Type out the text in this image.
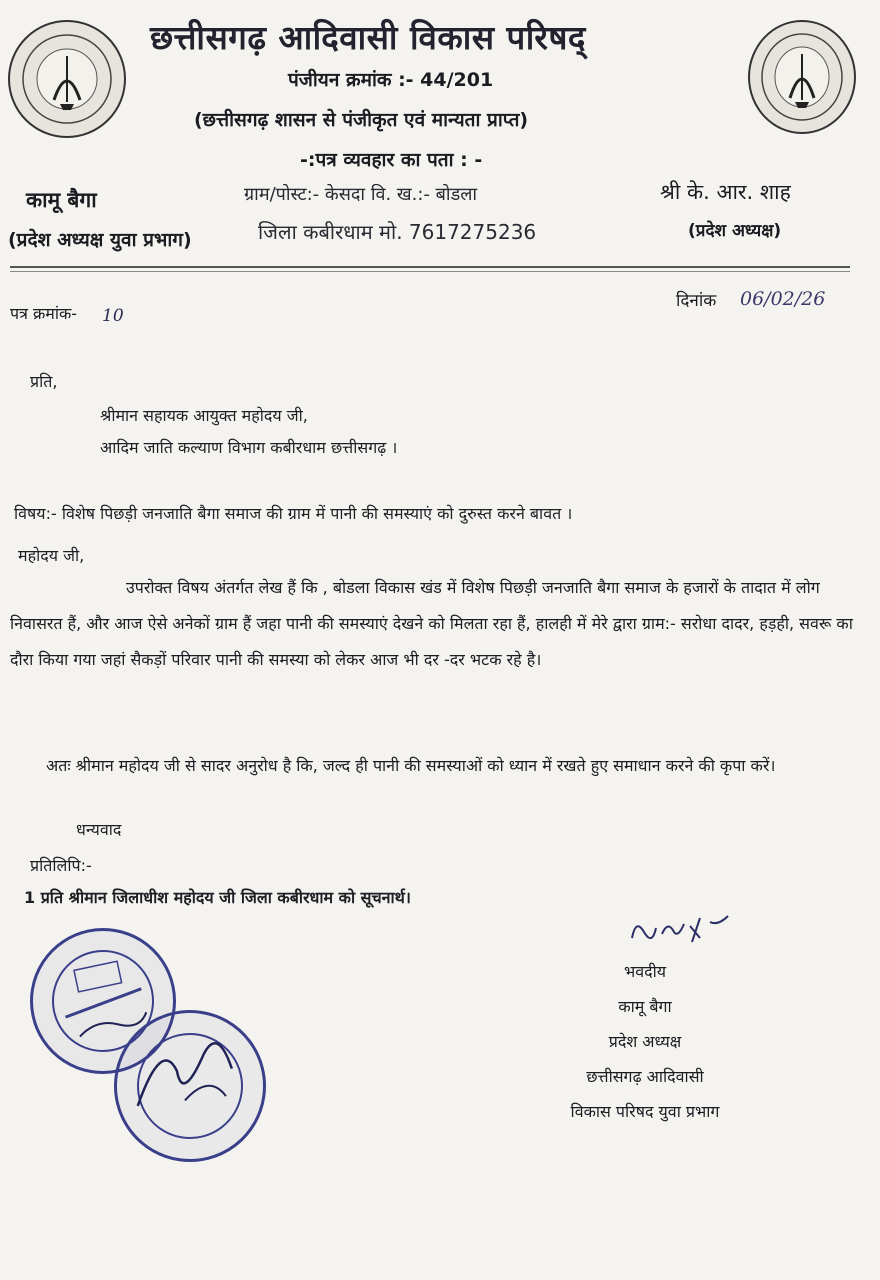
छत्तीसगढ़ आदिवासी विकास परिषद्
पंजीयन क्रमांक :- 44/201
(छत्तीसगढ़ शासन से पंजीकृत एवं मान्यता प्राप्त)
-:पत्र व्यवहार का पता : -
कामू बैगा
(प्रदेश अध्यक्ष युवा प्रभाग)
ग्राम/पोस्ट:- केसदा वि. ख.:- बोडला
जिला कबीरधाम मो. 7617275236
श्री के. आर. शाह
(प्रदेश अध्यक्ष)
पत्र क्रमांक- 10
दिनांक 06/02/26
प्रति,
श्रीमान सहायक आयुक्त महोदय जी,
आदिम जाति कल्याण विभाग कबीरधाम छत्तीसगढ़ ।
विषय:- विशेष पिछड़ी जनजाति बैगा समाज की ग्राम में पानी की समस्याएं को दुरुस्त करने बावत ।
महोदय जी,
उपरोक्त विषय अंतर्गत लेख हैं कि , बोडला विकास खंड में विशेष पिछड़ी जनजाति बैगा समाज के हजारों के तादात में लोग निवासरत हैं, और आज ऐसे अनेकों ग्राम हैं जहा पानी की समस्याएं देखने को मिलता रहा हैं, हालही में मेरे द्वारा ग्राम:- सरोधा दादर, हड़ही, सवरू का दौरा किया गया जहां सैकड़ों परिवार पानी की समस्या को लेकर आज भी दर -दर भटक रहे है।
अतः श्रीमान महोदय जी से सादर अनुरोध है कि, जल्द ही पानी की समस्याओं को ध्यान में रखते हुए समाधान करने की कृपा करें।
धन्यवाद
प्रतिलिपि:-
1 प्रति श्रीमान जिलाधीश महोदय जी जिला कबीरधाम को सूचनार्थ।
भवदीय
कामू बैगा
प्रदेश अध्यक्ष
छत्तीसगढ़ आदिवासी
विकास परिषद युवा प्रभाग
